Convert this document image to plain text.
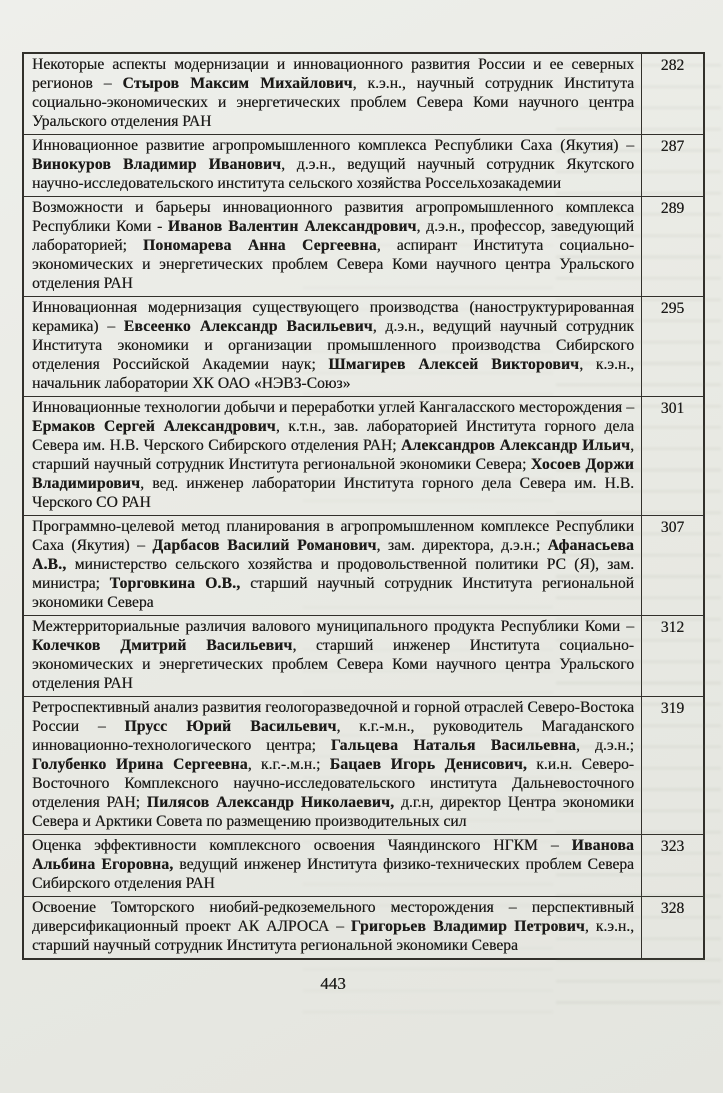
Некоторые аспекты модернизации и инновационного развития России и ее северных регионов – Стыров Максим Михайлович, к.э.н., научный сотрудник Института социально-экономических и энергетических проблем Севера Коми научного центра Уральского отделения РАН	282
Инновационное развитие агропромышленного комплекса Республики Саха (Якутия) – Винокуров Владимир Иванович, д.э.н., ведущий научный сотрудник Якутского научно-исследовательского института сельского хозяйства Россельхозакадемии	287
Возможности и барьеры инновационного развития агропромышленного комплекса Республики Коми - Иванов Валентин Александрович, д.э.н., профессор, заведующий лабораторией; Пономарева Анна Сергеевна, аспирант Института социально-экономических и энергетических проблем Севера Коми научного центра Уральского отделения РАН	289
Инновационная модернизация существующего производства (наноструктурированная керамика) – Евсеенко Александр Васильевич, д.э.н., ведущий научный сотрудник Института экономики и организации промышленного производства Сибирского отделения Российской Академии наук; Шмагирев Алексей Викторович, к.э.н., начальник лаборатории ХК ОАО «НЭВЗ-Союз»	295
Инновационные технологии добычи и переработки углей Кангаласского месторождения – Ермаков Сергей Александрович, к.т.н., зав. лабораторией Института горного дела Севера им. Н.В. Черского Сибирского отделения РАН; Александров Александр Ильич, старший научный сотрудник Института региональной экономики Севера; Хосоев Доржи Владимирович, вед. инженер лаборатории Института горного дела Севера им. Н.В. Черского СО РАН	301
Программно-целевой метод планирования в агропромышленном комплексе Республики Саха (Якутия) – Дарбасов Василий Романович, зам. директора, д.э.н.; Афанасьева А.В., министерство сельского хозяйства и продовольственной политики РС (Я), зам. министра; Торговкина О.В., старший научный сотрудник Института региональной экономики Севера	307
Межтерриториальные различия валового муниципального продукта Республики Коми – Колечков Дмитрий Васильевич, старший инженер Института социально-экономических и энергетических проблем Севера Коми научного центра Уральского отделения РАН	312
Ретроспективный анализ развития геологоразведочной и горной отраслей Северо-Востока России – Прусс Юрий Васильевич, к.г.-м.н., руководитель Магаданского инновационно-технологического центра; Гальцева Наталья Васильевна, д.э.н.; Голубенко Ирина Сергеевна, к.г.-.м.н.; Бацаев Игорь Денисович, к.и.н. Северо-Восточного Комплексного научно-исследовательского института Дальневосточного отделения РАН; Пилясов Александр Николаевич, д.г.н, директор Центра экономики Севера и Арктики Совета по размещению производительных сил	319
Оценка эффективности комплексного освоения Чаяндинского НГКМ – Иванова Альбина Егоровна, ведущий инженер Института физико-технических проблем Севера Сибирского отделения РАН	323
Освоение Томторского ниобий-редкоземельного месторождения – перспективный диверсификационный проект АК АЛРОСА – Григорьев Владимир Петрович, к.э.н., старший научный сотрудник Института региональной экономики Севера	328
443
